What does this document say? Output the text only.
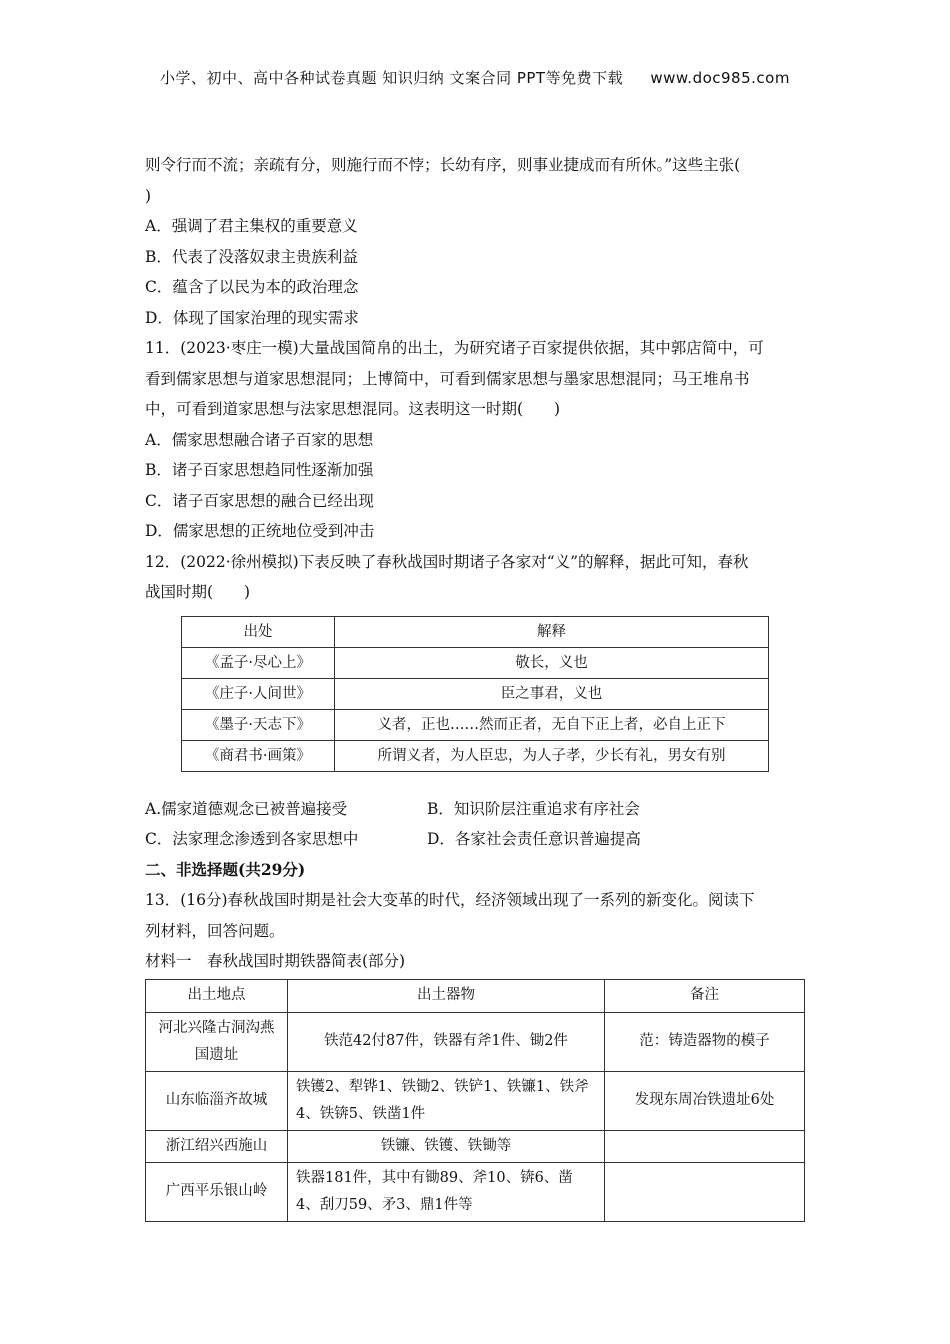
小学、初中、高中各种试卷真题 知识归纳 文案合同 PPT等免费下载 www.doc985.com

则令行而不流；亲疏有分，则施行而不悖；长幼有序，则事业捷成而有所休。”这些主张(

)

A．强调了君主集权的重要意义

B．代表了没落奴隶主贵族利益

C．蕴含了以民为本的政治理念

D．体现了国家治理的现实需求

11．(2023·枣庄一模)大量战国简帛的出土，为研究诸子百家提供依据，其中郭店简中，可

看到儒家思想与道家思想混同；上博简中，可看到儒家思想与墨家思想混同；马王堆帛书

中，可看到道家思想与法家思想混同。这表明这一时期(　　)

A．儒家思想融合诸子百家的思想

B．诸子百家思想趋同性逐渐加强

C．诸子百家思想的融合已经出现

D．儒家思想的正统地位受到冲击

12．(2022·徐州模拟)下表反映了春秋战国时期诸子各家对“义”的解释，据此可知，春秋

战国时期(　　)

出处	解释
《孟子·尽心上》	敬长，义也
《庄子·人间世》	臣之事君，义也
《墨子·天志下》	义者，正也……然而正者，无自下正上者，必自上正下
《商君书·画策》	所谓义者，为人臣忠，为人子孝，少长有礼，男女有别

A.儒家道德观念已被普遍接受	B．知识阶层注重追求有序社会

C．法家理念渗透到各家思想中	D．各家社会责任意识普遍提高

二、非选择题(共29分)

13．(16分)春秋战国时期是社会大变革的时代，经济领域出现了一系列的新变化。阅读下

列材料，回答问题。

材料一　春秋战国时期铁器简表(部分)

出土地点	出土器物	备注
河北兴隆古洞沟燕国遗址	铁范42付87件，铁器有斧1件、锄2件	范：铸造器物的模子
山东临淄齐故城	铁镬2、犁铧1、铁锄2、铁铲1、铁镰1、铁斧4、铁锛5、铁凿1件	发现东周冶铁遗址6处
浙江绍兴西施山	铁镰、铁镬、铁锄等	
广西平乐银山岭	铁器181件，其中有锄89、斧10、锛6、凿4、刮刀59、矛3、鼎1件等	
